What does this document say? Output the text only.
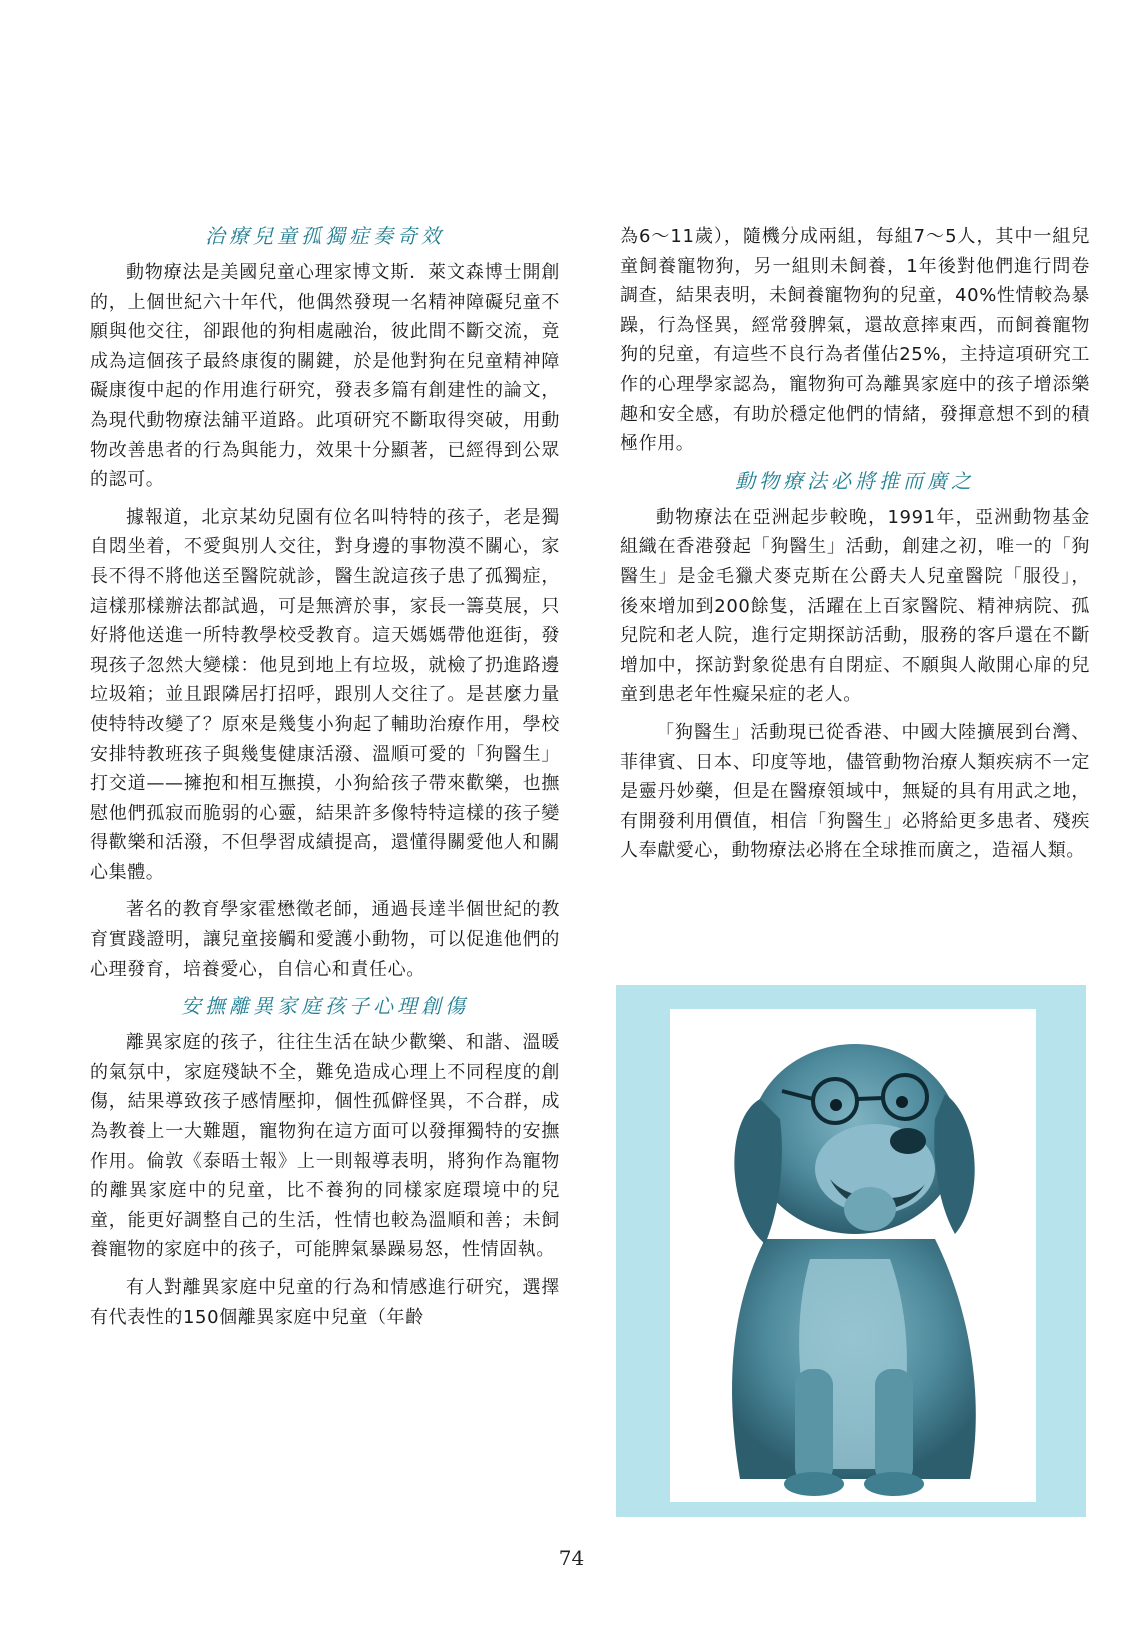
治療兒童孤獨症奏奇效

動物療法是美國兒童心理家博文斯．萊文森博士開創的，上個世紀六十年代，他偶然發現一名精神障礙兒童不願與他交往，卻跟他的狗相處融治，彼此間不斷交流，竟成為這個孩子最終康復的關鍵，於是他對狗在兒童精神障礙康復中起的作用進行研究，發表多篇有創建性的論文，為現代動物療法舖平道路。此項研究不斷取得突破，用動物改善患者的行為與能力，效果十分顯著，已經得到公眾的認可。

據報道，北京某幼兒園有位名叫特特的孩子，老是獨自悶坐着，不愛與別人交往，對身邊的事物漠不關心，家長不得不將他送至醫院就診，醫生說這孩子患了孤獨症，這樣那樣辦法都試過，可是無濟於事，家長一籌莫展，只好將他送進一所特教學校受教育。這天媽媽帶他逛街，發現孩子忽然大變樣：他見到地上有垃圾，就檢了扔進路邊垃圾箱；並且跟隣居打招呼，跟別人交往了。是甚麼力量使特特改變了？原來是幾隻小狗起了輔助治療作用，學校安排特教班孩子與幾隻健康活潑、溫順可愛的「狗醫生」打交道——擁抱和相互撫摸，小狗給孩子帶來歡樂，也撫慰他們孤寂而脆弱的心靈，結果許多像特特這樣的孩子變得歡樂和活潑，不但學習成績提高，還懂得關愛他人和關心集體。

著名的教育學家霍懋徵老師，通過長達半個世紀的教育實踐證明，讓兒童接觸和愛護小動物，可以促進他們的心理發育，培養愛心，自信心和責任心。

安撫離異家庭孩子心理創傷

離異家庭的孩子，往往生活在缺少歡樂、和諧、溫暖的氣氛中，家庭殘缺不全，難免造成心理上不同程度的創傷，結果導致孩子感情壓抑，個性孤僻怪異，不合群，成為教養上一大難題，寵物狗在這方面可以發揮獨特的安撫作用。倫敦《泰晤士報》上一則報導表明，將狗作為寵物的離異家庭中的兒童，比不養狗的同樣家庭環境中的兒童，能更好調整自己的生活，性情也較為溫順和善；未飼養寵物的家庭中的孩子，可能脾氣暴躁易怒，性情固執。

有人對離異家庭中兒童的行為和情感進行研究，選擇有代表性的150個離異家庭中兒童（年齡

為6～11歲），隨機分成兩組，每組7～5人，其中一組兒童飼養寵物狗，另一組則未飼養，1年後對他們進行問卷調查，結果表明，未飼養寵物狗的兒童，40%性情較為暴躁，行為怪異，經常發脾氣，還故意摔東西，而飼養寵物狗的兒童，有這些不良行為者僅佔25%，主持這項研究工作的心理學家認為，寵物狗可為離異家庭中的孩子增添樂趣和安全感，有助於穩定他們的情緒，發揮意想不到的積極作用。

動物療法必將推而廣之

動物療法在亞洲起步較晚，1991年，亞洲動物基金組織在香港發起「狗醫生」活動，創建之初，唯一的「狗醫生」是金毛獵犬麥克斯在公爵夫人兒童醫院「服役」，後來增加到200餘隻，活躍在上百家醫院、精神病院、孤兒院和老人院，進行定期探訪活動，服務的客戶還在不斷增加中，探訪對象從患有自閉症、不願與人敞開心扉的兒童到患老年性癡呆症的老人。

「狗醫生」活動現已從香港、中國大陸擴展到台灣、菲律賓、日本、印度等地，儘管動物治療人類疾病不一定是靈丹妙藥，但是在醫療領域中，無疑的具有用武之地，有開發利用價值，相信「狗醫生」必將給更多患者、殘疾人奉獻愛心，動物療法必將在全球推而廣之，造福人類。

74
